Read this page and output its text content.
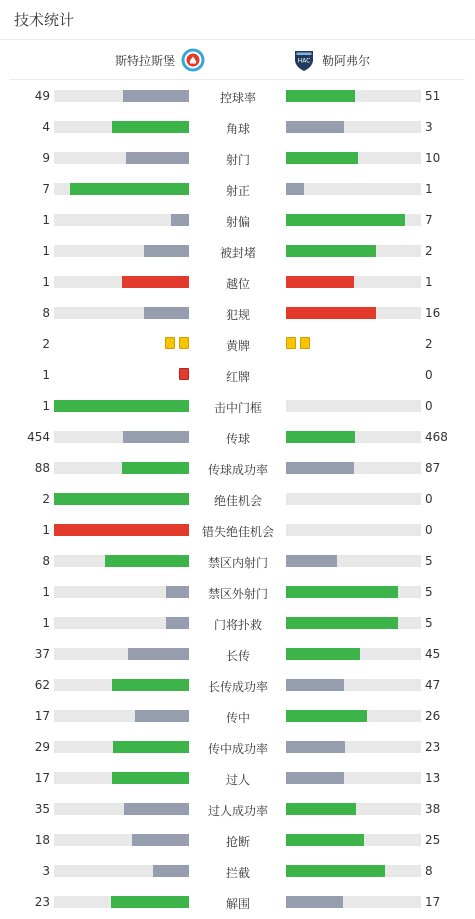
技术统计
斯特拉斯堡	HAC 勒阿弗尔
49	控球率	51
4	角球	3
9	射门	10
7	射正	1
1	射偏	7
1	被封堵	2
1	越位	1
8	犯规	16
2	黄牌	2
1	红牌	0
1	击中门框	0
454	传球	468
88	传球成功率	87
2	绝佳机会	0
1	错失绝佳机会	0
8	禁区内射门	5
1	禁区外射门	5
1	门将扑救	5
37	长传	45
62	长传成功率	47
17	传中	26
29	传中成功率	23
17	过人	13
35	过人成功率	38
18	抢断	25
3	拦截	8
23	解围	17
